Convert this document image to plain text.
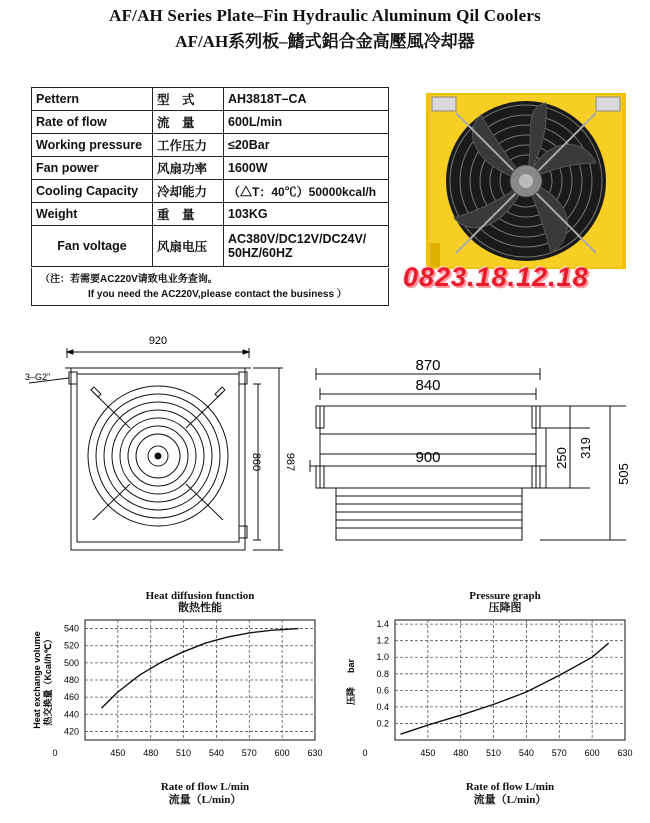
AF/AH Series Plate–Fin Hydraulic Aluminum Qil Coolers
AF/AH系列板–鰭式鋁合金高壓風冷却器
Pettern	型　式	AH3818T–CA
Rate of flow	流　量	600L/min
Working pressure	工作压力	≤20Bar
Fan power	风扇功率	1600W
Cooling Capacity	冷却能力	（△T：40℃）50000kcal/h
Weight	重　量	103KG
Fan voltage	风扇电压	AC380V/DC12V/DC24V/
50HZ/60HZ
（注：若需要AC220V请致电业务查询。
If you need the AC220V,please contact the business ）
0823.18.12.18
920
860 987
3–G2”
870
840
900	250 319
505
Heat diffusion function
散热性能
0	450 480 510 540 570 600 630
420
440
460
480
500
520
540
Heat exchange volume 热交换量（Kcal/h℃）
Rate of flow L/min
流量（L/min）
Pressure graph
压降图
0	450 480 510 540 570 600 630
0.2
0.4
0.6
0.8
1.0
1.2
1.4
压降
bar
Rate of flow L/min
流量（L/min）
